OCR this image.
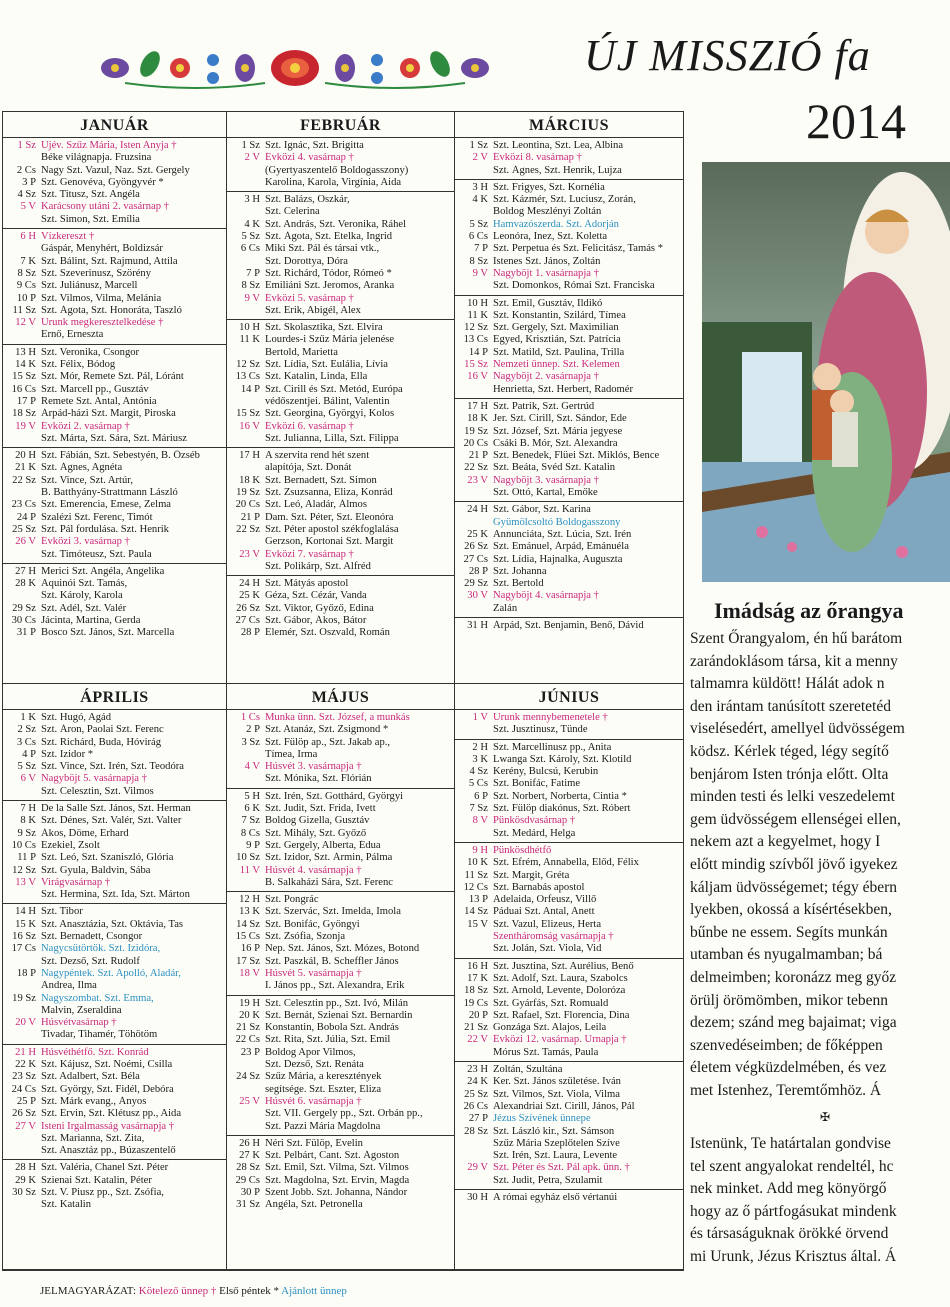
ÚJ MISSZIÓ fa
2014
Imádság az őrangya

Szent Őrangyalom, én hű barátom

zarándoklásom társa, kit a menny

talmamra küldött! Hálát adok n

den irántam tanúsított szeretetéd

viselésedért, amellyel üdvösségem

ködsz. Kérlek téged, légy segítő

benjárom Isten trónja előtt. Olta

minden testi és lelki veszedelemt

gem üdvösségem ellenségei ellen,

nekem azt a kegyelmet, hogy I

előtt mindig szívből jövő igyekez

káljam üdvösségemet; tégy ébern

lyekben, okossá a kísértésekben,

bűnbe ne essem. Segíts munkán

utamban és nyugalmamban; bá

delmeimben; koronázz meg győz

örülj örömömben, mikor tebenn

dezem; szánd meg bajaimat; viga

szenvedéseimben; de főképpen

életem végküzdelmében, és vez

met Istenhez, Teremtőmhöz. Á

✠

Istenünk, Te határtalan gondvise

tel szent angyalokat rendeltél, hc

nek minket. Add meg könyörgő

hogy az ő pártfogásukat mindenk

és társaságuknak örökké örvend

mi Urunk, Jézus Krisztus által. Á

JANUÁR
1 Sz Újév. Szűz Mária, Isten Anyja †
Béke világnapja. Fruzsina
2 Cs Nagy Szt. Vazul, Naz. Szt. Gergely
3 P Szt. Genovéva, Gyöngyvér *
4 Sz Szt. Titusz, Szt. Angéla
5 V Karácsony utáni 2. vasárnap †
Szt. Simon, Szt. Emília
6 H Vízkereszt †
Gáspár, Menyhért, Boldizsár
7 K Szt. Bálint, Szt. Rajmund, Attila
8 Sz Szt. Szeverinusz, Szörény
9 Cs Szt. Juliánusz, Marcell
10 P Szt. Vilmos, Vilma, Melánia
11 Sz Szt. Ágota, Szt. Honoráta, Taszló
12 V Urunk megkeresztelkedése †
Ernő, Erneszta
13 H Szt. Veronika, Csongor
14 K Szt. Félix, Bódog
15 Sz Szt. Mór, Remete Szt. Pál, Lóránt
16 Cs Szt. Marcell pp., Gusztáv
17 P Remete Szt. Antal, Antónia
18 Sz Árpád-házi Szt. Margit, Piroska
19 V Évközi 2. vasárnap †
Szt. Márta, Szt. Sára, Szt. Máriusz
20 H Szt. Fábián, Szt. Sebestyén, B. Özséb
21 K Szt. Ágnes, Agnéta
22 Sz Szt. Vince, Szt. Artúr,
B. Batthyány-Strattmann László
23 Cs Szt. Emerencia, Emese, Zelma
24 P Szalézi Szt. Ferenc, Timót
25 Sz Szt. Pál fordulása. Szt. Henrik
26 V Évközi 3. vasárnap †
Szt. Timóteusz, Szt. Paula
27 H Merici Szt. Angéla, Angelika
28 K Aquinói Szt. Tamás,
Szt. Károly, Karola
29 Sz Szt. Adél, Szt. Valér
30 Cs Jácinta, Martina, Gerda
31 P Bosco Szt. János, Szt. Marcella
FEBRUÁR
1 Sz Szt. Ignác, Szt. Brigitta
2 V Évközi 4. vasárnap †
(Gyertyaszentelő Boldogasszony)
Karolina, Karola, Virgínia, Aida
3 H Szt. Balázs, Oszkár,
Szt. Celerina
4 K Szt. András, Szt. Veronika, Ráhel
5 Sz Szt. Ágota, Szt. Etelka, Ingrid
6 Cs Miki Szt. Pál és társai vtk.,
Szt. Dorottya, Dóra
7 P Szt. Richárd, Tódor, Rómeó *
8 Sz Emiliáni Szt. Jeromos, Aranka
9 V Évközi 5. vasárnap †
Szt. Erik, Abigél, Alex
10 H Szt. Skolasztika, Szt. Elvira
11 K Lourdes-i Szűz Mária jelenése
Bertold, Marietta
12 Sz Szt. Lídia, Szt. Eulália, Lívia
13 Cs Szt. Katalin, Linda, Ella
14 P Szt. Cirill és Szt. Metód, Európa
védőszentjei. Bálint, Valentin
15 Sz Szt. Georgina, Györgyi, Kolos
16 V Évközi 6. vasárnap †
Szt. Julianna, Lilla, Szt. Filippa
17 H A szervita rend hét szent
alapítója, Szt. Donát
18 K Szt. Bernadett, Szt. Simon
19 Sz Szt. Zsuzsanna, Eliza, Konrád
20 Cs Szt. Leó, Aladár, Álmos
21 P Dam. Szt. Péter, Szt. Eleonóra
22 Sz Szt. Péter apostol székfoglalása
Gerzson, Kortonai Szt. Margit
23 V Évközi 7. vasárnap †
Szt. Polikárp, Szt. Alfréd
24 H Szt. Mátyás apostol
25 K Géza, Szt. Cézár, Vanda
26 Sz Szt. Viktor, Győző, Edina
27 Cs Szt. Gábor, Ákos, Bátor
28 P Elemér, Szt. Oszvald, Román
MÁRCIUS
1 Sz Szt. Leontina, Szt. Lea, Albina
2 V Évközi 8. vasárnap †
Szt. Ágnes, Szt. Henrik, Lujza
3 H Szt. Frigyes, Szt. Kornélia
4 K Szt. Kázmér, Szt. Luciusz, Zorán,
Boldog Meszlényi Zoltán
5 Sz Hamvazószerda. Szt. Adorján
6 Cs Leonóra, Inez, Szt. Koletta
7 P Szt. Perpetua és Szt. Felicitász, Tamás *
8 Sz Istenes Szt. János, Zoltán
9 V Nagyböjt 1. vasárnapja †
Szt. Domonkos, Római Szt. Franciska
10 H Szt. Emil, Gusztáv, Ildikó
11 K Szt. Konstantin, Szilárd, Tímea
12 Sz Szt. Gergely, Szt. Maximilian
13 Cs Egyed, Krisztián, Szt. Patrícia
14 P Szt. Matild, Szt. Paulina, Trilla
15 Sz Nemzeti ünnep. Szt. Kelemen
16 V Nagyböjt 2. vasárnapja †
Henrietta, Szt. Herbert, Radomér
17 H Szt. Patrik, Szt. Gertrúd
18 K Jer. Szt. Cirill, Szt. Sándor, Ede
19 Sz Szt. József, Szt. Mária jegyese
20 Cs Csáki B. Mór, Szt. Alexandra
21 P Szt. Benedek, Flüei Szt. Miklós, Bence
22 Sz Szt. Beáta, Svéd Szt. Katalin
23 V Nagyböjt 3. vasárnapja †
Szt. Ottó, Kartal, Emőke
24 H Szt. Gábor, Szt. Karina
Gyümölcsoltó Boldogasszony
25 K Annunciáta, Szt. Lúcia, Szt. Irén
26 Sz Szt. Emánuel, Árpád, Emánuéla
27 Cs Szt. Lídia, Hajnalka, Auguszta
28 P Szt. Johanna
29 Sz Szt. Bertold
30 V Nagyböjt 4. vasárnapja †
Zalán
31 H Árpád, Szt. Benjamin, Benő, Dávid
ÁPRILIS
1 K Szt. Hugó, Agád
2 Sz Szt. Áron, Paolai Szt. Ferenc
3 Cs Szt. Richárd, Buda, Hóvirág
4 P Szt. Izidor *
5 Sz Szt. Vince, Szt. Irén, Szt. Teodóra
6 V Nagyböjt 5. vasárnapja †
Szt. Celesztin, Szt. Vilmos
7 H De la Salle Szt. János, Szt. Herman
8 K Szt. Dénes, Szt. Valér, Szt. Valter
9 Sz Ákos, Döme, Erhard
10 Cs Ezekiel, Zsolt
11 P Szt. Leó, Szt. Szaniszló, Glória
12 Sz Szt. Gyula, Baldvin, Sába
13 V Virágvasárnap †
Szt. Hermina, Szt. Ida, Szt. Márton
14 H Szt. Tibor
15 K Szt. Anasztázia, Szt. Oktávia, Tas
16 Sz Szt. Bernadett, Csongor
17 Cs Nagycsütörtök. Szt. Izidóra,
Szt. Dezső, Szt. Rudolf
18 P Nagypéntek. Szt. Apolló, Aladár,
Andrea, Ilma
19 Sz Nagyszombat. Szt. Emma,
Malvin, Zseraldina
20 V Húsvétvasárnap †
Tivadar, Tihamér, Töhötöm
21 H Húsvéthétfő. Szt. Konrád
22 K Szt. Kájusz, Szt. Noémi, Csilla
23 Sz Szt. Adalbert, Szt. Béla
24 Cs Szt. György, Szt. Fidél, Debóra
25 P Szt. Márk evang., Ányos
26 Sz Szt. Ervin, Szt. Klétusz pp., Aida
27 V Isteni Irgalmasság vasárnapja †
Szt. Marianna, Szt. Zita,
Szt. Anasztáz pp., Búzaszentelő
28 H Szt. Valéria, Chanel Szt. Péter
29 K Szienai Szt. Katalin, Péter
30 Sz Szt. V. Piusz pp., Szt. Zsófia,
Szt. Katalin
MÁJUS
1 Cs Munka ünn. Szt. József, a munkás
2 P Szt. Atanáz, Szt. Zsigmond *
3 Sz Szt. Fülöp ap., Szt. Jakab ap.,
Tímea, Irma
4 V Húsvét 3. vasárnapja †
Szt. Mónika, Szt. Flórián
5 H Szt. Irén, Szt. Gotthárd, Györgyi
6 K Szt. Judit, Szt. Frida, Ivett
7 Sz Boldog Gizella, Gusztáv
8 Cs Szt. Mihály, Szt. Győző
9 P Szt. Gergely, Alberta, Édua
10 Sz Szt. Izidor, Szt. Ármin, Pálma
11 V Húsvét 4. vasárnapja †
B. Salkaházi Sára, Szt. Ferenc
12 H Szt. Pongrác
13 K Szt. Szervác, Szt. Imelda, Imola
14 Sz Szt. Bonifác, Gyöngyi
15 Cs Szt. Zsófia, Szonja
16 P Nep. Szt. János, Szt. Mózes, Botond
17 Sz Szt. Paszkál, B. Scheffler János
18 V Húsvét 5. vasárnapja †
I. János pp., Szt. Alexandra, Erik
19 H Szt. Celesztin pp., Szt. Ivó, Milán
20 K Szt. Bernát, Szienai Szt. Bernardin
21 Sz Konstantin, Bobola Szt. András
22 Cs Szt. Rita, Szt. Júlia, Szt. Emil
23 P Boldog Apor Vilmos,
Szt. Dezső, Szt. Renáta
24 Sz Szűz Mária, a keresztények
segítsége. Szt. Eszter, Eliza
25 V Húsvét 6. vasárnapja †
Szt. VII. Gergely pp., Szt. Orbán pp.,
Szt. Pazzi Mária Magdolna
26 H Néri Szt. Fülöp, Evelin
27 K Szt. Pelbárt, Cant. Szt. Ágoston
28 Sz Szt. Emil, Szt. Vilma, Szt. Vilmos
29 Cs Szt. Magdolna, Szt. Ervin, Magda
30 P Szent Jobb. Szt. Johanna, Nándor
31 Sz Angéla, Szt. Petronella
JÚNIUS
1 V Urunk mennybemenetele †
Szt. Jusztinusz, Tünde
2 H Szt. Marcellinusz pp., Anita
3 K Lwanga Szt. Károly, Szt. Klotild
4 Sz Kerény, Bulcsú, Kerubin
5 Cs Szt. Bonifác, Fatime
6 P Szt. Norbert, Norberta, Cintia *
7 Sz Szt. Fülöp diakónus, Szt. Róbert
8 V Pünkösdvasárnap †
Szt. Medárd, Helga
9 H Pünkösdhétfő
10 K Szt. Efrém, Annabella, Előd, Félix
11 Sz Szt. Margit, Gréta
12 Cs Szt. Barnabás apostol
13 P Adelaida, Orfeusz, Villő
14 Sz Páduai Szt. Antal, Anett
15 V Szt. Vazul, Elizeus, Herta
Szentháromság vasárnapja †
Szt. Jolán, Szt. Viola, Vid
16 H Szt. Jusztina, Szt. Aurélius, Benő
17 K Szt. Adolf, Szt. Laura, Szabolcs
18 Sz Szt. Arnold, Levente, Doloróza
19 Cs Szt. Gyárfás, Szt. Romuald
20 P Szt. Rafael, Szt. Florencia, Dina
21 Sz Gonzága Szt. Alajos, Leila
22 V Évközi 12. vasárnap. Úrnapja †
Mórus Szt. Tamás, Paula
23 H Zoltán, Szultána
24 K Ker. Szt. János születése. Iván
25 Sz Szt. Vilmos, Szt. Viola, Vilma
26 Cs Alexandriai Szt. Cirill, János, Pál
27 P Jézus Szívének ünnepe
28 Sz Szt. László kir., Szt. Sámson
Szűz Mária Szeplőtelen Szíve
Szt. Irén, Szt. Laura, Levente
29 V Szt. Péter és Szt. Pál apk. ünn. †
Szt. Judit, Petra, Szulamit
30 H A római egyház első vértanúi
JELMAGYARÁZAT: Kötelező ünnep † Első péntek * Ajánlott ünnep
